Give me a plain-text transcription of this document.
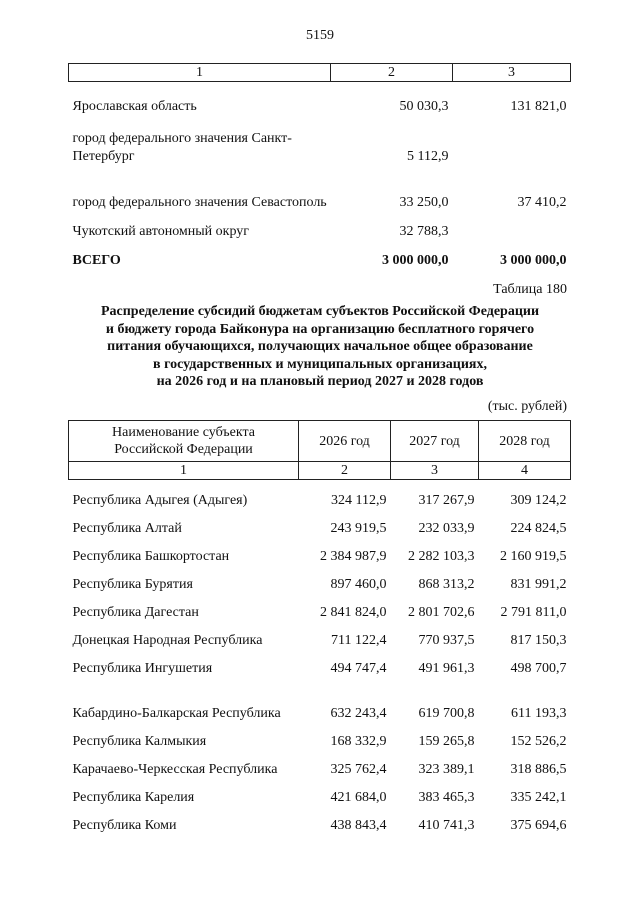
5159
1	2	3
Ярославская область	50 030,3	131 821,0
город федерального значения Санкт-Петербург	5 112,9	
город федерального значения Севастополь	33 250,0	37 410,2
Чукотский автономный округ	32 788,3	
ВСЕГО	3 000 000,0	3 000 000,0
Таблица 180
Распределение субсидий бюджетам субъектов Российской Федерации
и бюджету города Байконура на организацию бесплатного горячего
питания обучающихся, получающих начальное общее образование
в государственных и муниципальных организациях,
на 2026 год и на плановый период 2027 и 2028 годов
(тыс. рублей)
Наименование субъекта Российской Федерации	2026 год	2027 год	2028 год
1	2	3	4
Республика Адыгея (Адыгея)	324 112,9	317 267,9	309 124,2
Республика Алтай	243 919,5	232 033,9	224 824,5
Республика Башкортостан	2 384 987,9	2 282 103,3	2 160 919,5
Республика Бурятия	897 460,0	868 313,2	831 991,2
Республика Дагестан	2 841 824,0	2 801 702,6	2 791 811,0
Донецкая Народная Республика	711 122,4	770 937,5	817 150,3
Республика Ингушетия	494 747,4	491 961,3	498 700,7
Кабардино-Балкарская Республика	632 243,4	619 700,8	611 193,3
Республика Калмыкия	168 332,9	159 265,8	152 526,2
Карачаево-Черкесская Республика	325 762,4	323 389,1	318 886,5
Республика Карелия	421 684,0	383 465,3	335 242,1
Республика Коми	438 843,4	410 741,3	375 694,6
